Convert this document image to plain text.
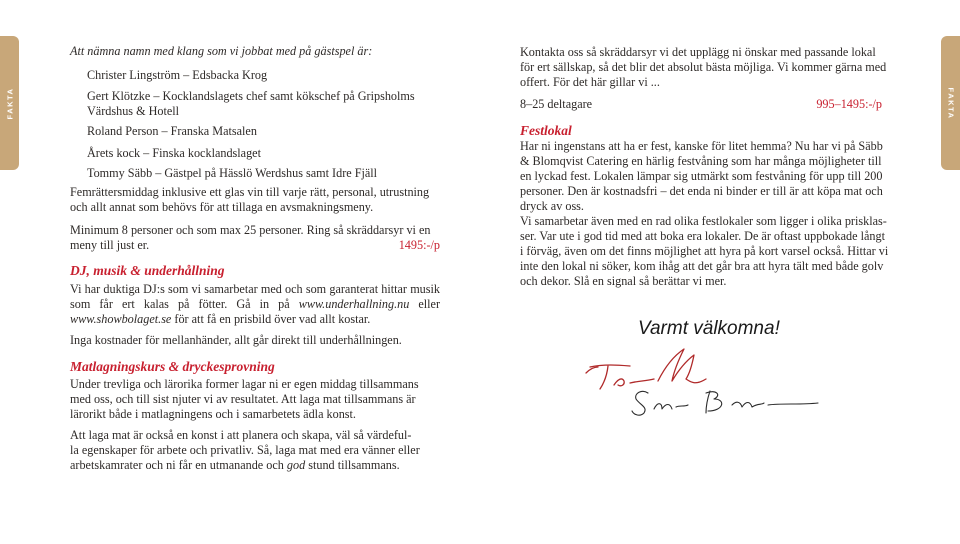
FAKTA	FAKTA

Att nämna namn med klang som vi jobbat med på gästspel är:

Christer Lingström – Edsbacka Krog

Gert Klötzke – Kocklandslagets chef samt kökschef på Gripsholms

Värdshus & Hotell

Roland Person – Franska Matsalen

Årets kock – Finska kocklandslaget

Tommy Säbb – Gästpel på Hässlö Werdshus samt Idre Fjäll

Femrättersmiddag inklusive ett glas vin till varje rätt, personal, utrustning

och allt annat som behövs för att tillaga en avsmakningsmeny.

Minimum 8 personer och som max 25 personer. Ring så skräddarsyr vi en

meny till just er.	1495:-/p
DJ, musik & underhållning

Vi har duktiga DJ:s som vi samarbetar med och som garanterat hittar musik som får ert kalas på fötter. Gå in på www.underhallning.nu eller www.showbolaget.se för att få en prisbild över vad allt kostar.

Inga kostnader för mellanhänder, allt går direkt till underhållningen.

Matlagningskurs & dryckesprovning

Under trevliga och lärorika former lagar ni er egen middag tillsammans

med oss, och till sist njuter vi av resultatet. Att laga mat tillsammans är

lärorikt både i matlagningens och i samarbetets ädla konst.

Att laga mat är också en konst i att planera och skapa, väl så värdeful-

la egenskaper för arbete och privatliv. Så, laga mat med era vänner eller

arbetskamrater och ni får en utmanande och god stund tillsammans.

Kontakta oss så skräddarsyr vi det upplägg ni önskar med passande lokal

för ert sällskap, så det blir det absolut bästa möjliga. Vi kommer gärna med

offert. För det här gillar vi ...

8–25 deltagare	995–1495:-/p
Festlokal

Har ni ingenstans att ha er fest, kanske för litet hemma? Nu har vi på Säbb

& Blomqvist Catering en härlig festvåning som har många möjligheter till

en lyckad fest. Lokalen lämpar sig utmärkt som festvåning för upp till 200

personer. Den är kostnadsfri – det enda ni binder er till är att köpa mat och

dryck av oss.

Vi samarbetar även med en rad olika festlokaler som ligger i olika prisklas-

ser. Var ute i god tid med att boka era lokaler. De är oftast uppbokade långt

i förväg, även om det finns möjlighet att hyra på kort varsel också. Hittar vi

inte den lokal ni söker, kom ihåg att det går bra att hyra tält med både golv

och dekor. Slå en signal så berättar vi mer.

Varmt välkomna!
